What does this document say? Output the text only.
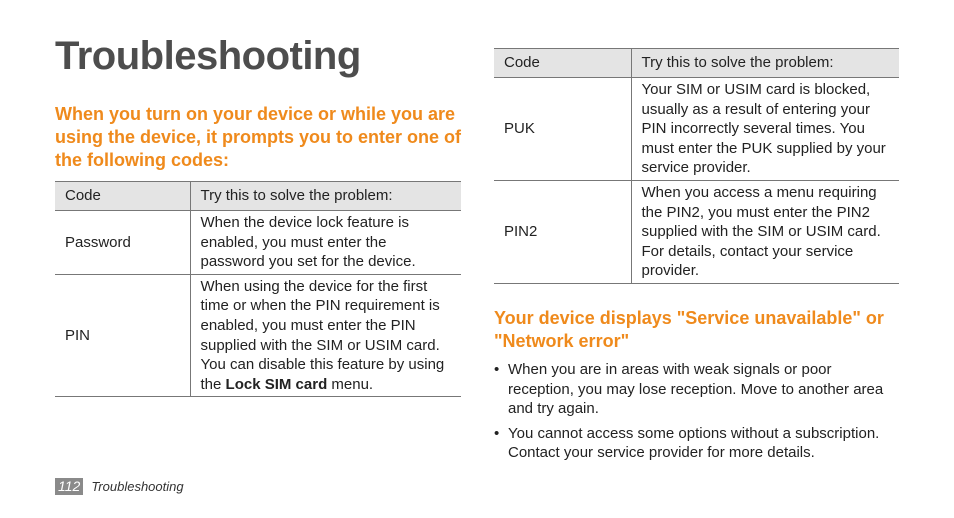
Troubleshooting
When you turn on your device or while you are using the device, it prompts you to enter one of the following codes:
Code	Try this to solve the problem:
Password	When the device lock feature is enabled, you must enter the password you set for the device.
PIN	When using the device for the first time or when the PIN requirement is enabled, you must enter the PIN supplied with the SIM or USIM card. You can disable this feature by using the Lock SIM card menu.
Code	Try this to solve the problem:
PUK	Your SIM or USIM card is blocked, usually as a result of entering your PIN incorrectly several times. You must enter the PUK supplied by your service provider.
PIN2	When you access a menu requiring the PIN2, you must enter the PIN2 supplied with the SIM or USIM card. For details, contact your service provider.
Your device displays "Service unavailable" or "Network error"
• When you are in areas with weak signals or poor reception, you may lose reception. Move to another area and try again.
• You cannot access some options without a subscription. Contact your service provider for more details.
112 Troubleshooting
